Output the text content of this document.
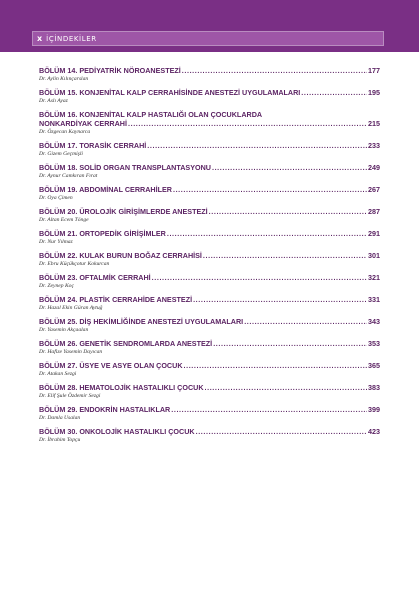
x İÇİNDEKİLER
BÖLÜM 14. PEDİYATRİK NÖROANESTEZİ .....	177
Dr. Aylin Kılınçarslan
BÖLÜM 15. KONJENİTAL KALP CERRAHİSİNDE ANESTEZİ UYGULAMALARI .....	195
Dr. Aslı Ayaz
BÖLÜM 16. KONJENİTAL KALP HASTALIĞI OLAN ÇOCUKLARDA
NONKARDİYAK CERRAHİ .....	215
Dr. Özgecan Kaynarca
BÖLÜM 17. TORASİK CERRAHİ .....	233
Dr. Gizem Geçmişli
BÖLÜM 18. SOLİD ORGAN TRANSPLANTASYONU .....	249
Dr. Aynur Camkıran Fırat
BÖLÜM 19. ABDOMİNAL CERRAHİLER .....	267
Dr. Oya Çimen
BÖLÜM 20. ÜROLOJİK GİRİŞİMLERDE ANESTEZİ .....	287
Dr. Altan Ecem Tönge
BÖLÜM 21. ORTOPEDİK GİRİŞİMLER .....	291
Dr. Nur Yılmaz
BÖLÜM 22. KULAK BURUN BOĞAZ CERRAHİSİ .....	301
Dr. Ebru Küçükçotur Kokurcan
BÖLÜM 23. OFTALMİK CERRAHİ .....	321
Dr. Zeynep Koç
BÖLÜM 24. PLASTİK CERRAHİDE ANESTEZİ .....	331
Dr. Hazal Ekin Güran Aytuğ
BÖLÜM 25. DİŞ HEKİMLİĞİNDE ANESTEZİ UYGULAMALARI .....	343
Dr. Yasemin Akçaalan
BÖLÜM 26. GENETİK SENDROMLARDA ANESTEZİ .....	353
Dr. Hafize Yasemin Dayıcan
BÖLÜM 27. ÜSYE VE ASYE OLAN ÇOCUK .....	365
Dr. Atakan Sezgi
BÖLÜM 28. HEMATOLOJİK HASTALIKLI ÇOCUK .....	383
Dr. Elif Şule Özdemir Sezgi
BÖLÜM 29. ENDOKRİN HASTALIKLAR .....	399
Dr. Damla Usalan
BÖLÜM 30. ONKOLOJİK HASTALIKLI ÇOCUK .....	423
Dr. İbrahim Topçu
